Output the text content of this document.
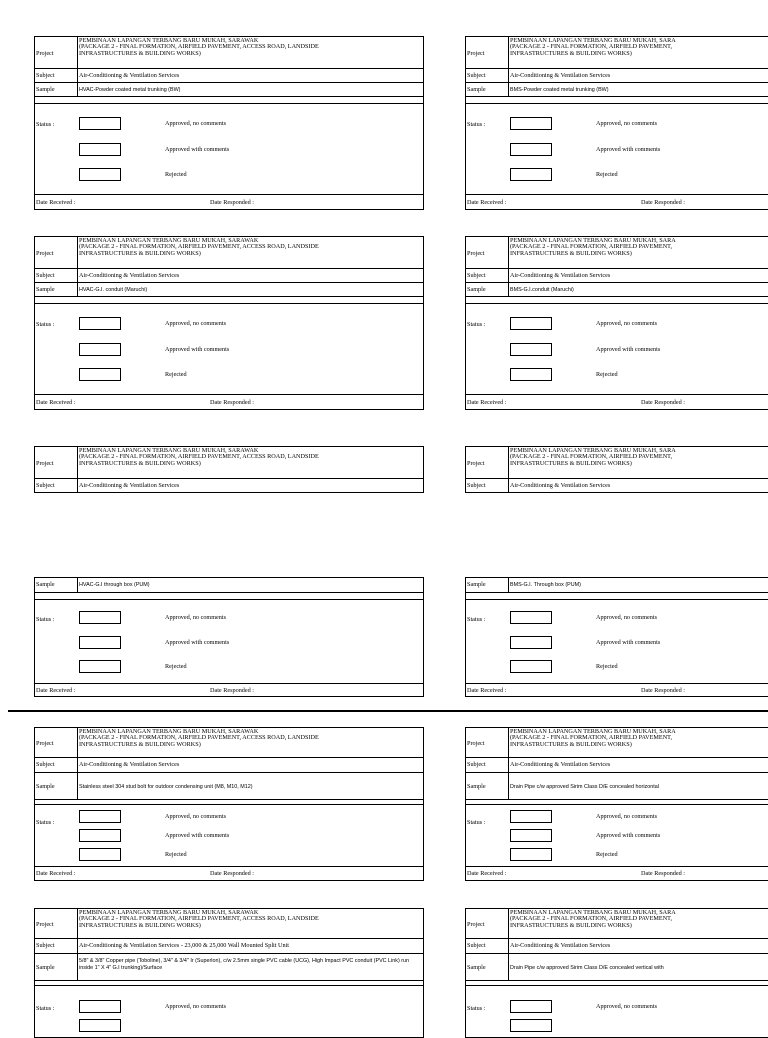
Project
PEMBINAAN LAPANGAN TERBANG BARU MUKAH, SARAWAK
(PACKAGE 2 - FINAL FORMATION, AIRFIELD PAVEMENT, ACCESS ROAD, LANDSIDE
INFRASTRUCTURES & BUILDING WORKS)
Subject	Air-Conditioning & Ventilation Services
Sample	HVAC-Powder coated metal trunking (BW)
Status :	Approved, no comments
Approved with comments
Rejected
Date Received :	Date Responded :
Project
PEMBINAAN LAPANGAN TERBANG BARU MUKAH, SARAWAK
(PACKAGE 2 - FINAL FORMATION, AIRFIELD PAVEMENT, ACCESS ROAD, LANDSIDE
INFRASTRUCTURES & BUILDING WORKS)
Subject	Air-Conditioning & Ventilation Services
Sample	HVAC-G.I. conduit (Maruchi)
Status :	Approved, no comments
Approved with comments
Rejected
Date Received :	Date Responded :
Project
PEMBINAAN LAPANGAN TERBANG BARU MUKAH, SARAWAK
(PACKAGE 2 - FINAL FORMATION, AIRFIELD PAVEMENT, ACCESS ROAD, LANDSIDE
INFRASTRUCTURES & BUILDING WORKS)
Subject	Air-Conditioning & Ventilation Services
Sample	HVAC-G.I through box (PUM)
Status :	Approved, no comments
Approved with comments
Rejected
Date Received :	Date Responded :
Project
PEMBINAAN LAPANGAN TERBANG BARU MUKAH, SARAWAK
(PACKAGE 2 - FINAL FORMATION, AIRFIELD PAVEMENT, ACCESS ROAD, LANDSIDE
INFRASTRUCTURES & BUILDING WORKS)
Subject	Air-Conditioning & Ventilation Services
Sample	Stainless steel 304 stud bolt for outdoor condensing unit (M8, M10, M12)
Status :
Approved, no comments
Approved with comments
Rejected
Date Received :	Date Responded :
Project
PEMBINAAN LAPANGAN TERBANG BARU MUKAH, SARAWAK
(PACKAGE 2 - FINAL FORMATION, AIRFIELD PAVEMENT, ACCESS ROAD, LANDSIDE
INFRASTRUCTURES & BUILDING WORKS)
Subject	Air-Conditioning & Ventilation Services - 23,000 & 25,000 Wall Mounted Split Unit
Sample
5/8" & 3/8" Copper pipe (Toboline), 3/4" & 3/4" Ir (Superlon), c/w 2.5mm single PVC cable (UCG), High Impact PVC conduit (PVC Link) run inside 1" X 4" G.I trunking)/Surface
Status :	Approved, no comments
Project
PEMBINAAN LAPANGAN TERBANG BARU MUKAH, SARA
(PACKAGE 2 - FINAL FORMATION, AIRFIELD PAVEMENT,
INFRASTRUCTURES & BUILDING WORKS)
Subject	Air-Conditioning & Ventilation Services
Sample	BMS-Powder coated metal trunking (BW)
Status :	Approved, no comments
Approved with comments
Rejected
Date Received :	Date Responded :
Project
PEMBINAAN LAPANGAN TERBANG BARU MUKAH, SARA
(PACKAGE 2 - FINAL FORMATION, AIRFIELD PAVEMENT,
INFRASTRUCTURES & BUILDING WORKS)
Subject	Air-Conditioning & Ventilation Services
Sample	BMS-G.I.conduit (Maruchi)
Status :	Approved, no comments
Approved with comments
Rejected
Date Received :	Date Responded :
Project
PEMBINAAN LAPANGAN TERBANG BARU MUKAH, SARA
(PACKAGE 2 - FINAL FORMATION, AIRFIELD PAVEMENT,
INFRASTRUCTURES & BUILDING WORKS)
Subject	Air-Conditioning & Ventilation Services
Sample	BMS-G.I. Through box (PUM)
Status :	Approved, no comments
Approved with comments
Rejected
Date Received :	Date Responded :
Project
PEMBINAAN LAPANGAN TERBANG BARU MUKAH, SARA
(PACKAGE 2 - FINAL FORMATION, AIRFIELD PAVEMENT,
INFRASTRUCTURES & BUILDING WORKS)
Subject	Air-Conditioning & Ventilation Services
Sample	Drain Pipe c/w approved Sirim Class D/E concealed horizontal
Status :
Approved, no comments
Approved with comments
Rejected
Date Received :	Date Responded :
Project
PEMBINAAN LAPANGAN TERBANG BARU MUKAH, SARA
(PACKAGE 2 - FINAL FORMATION, AIRFIELD PAVEMENT,
INFRASTRUCTURES & BUILDING WORKS)
Subject	Air-Conditioning & Ventilation Services
Sample	Drain Pipe c/w approved Sirim Class D/E concealed vertical with
Status :	Approved, no comments
